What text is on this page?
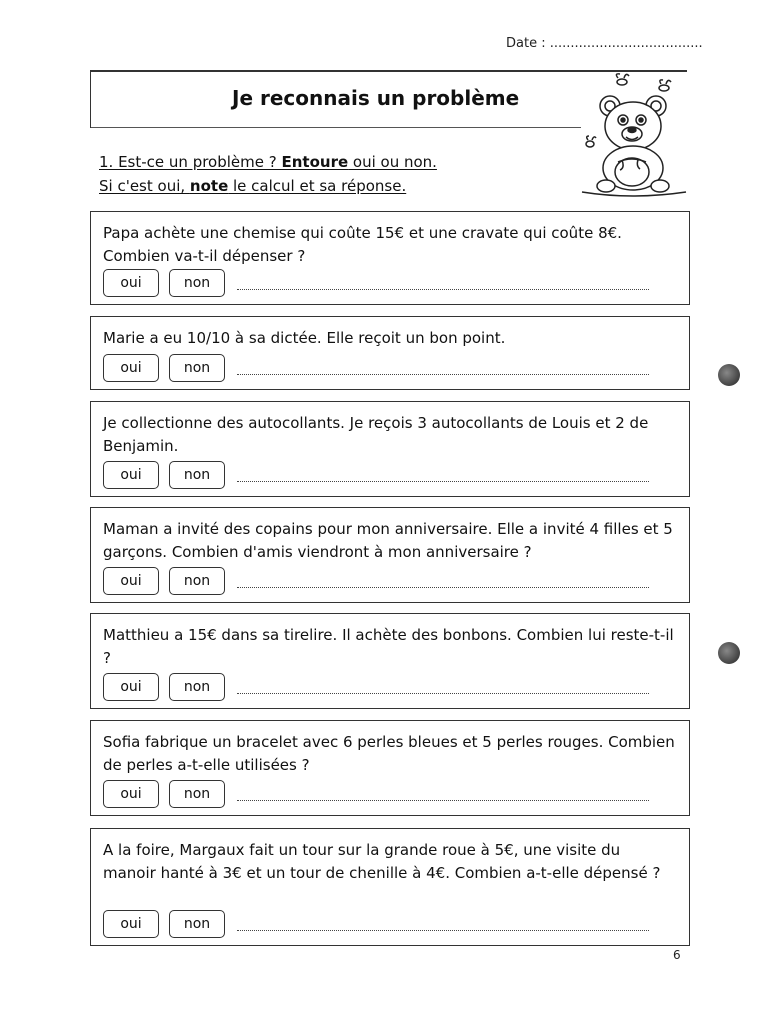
Date : .....................................
Je reconnais un problème
1. Est-ce un problème ? Entoure oui ou non.
Si c'est oui, note le calcul et sa réponse.
Papa achète une chemise qui coûte 15€ et une cravate qui coûte 8€. Combien va-t-il dépenser ?
oui	non
Marie a eu 10/10 à sa dictée. Elle reçoit un bon point.
oui	non
Je collectionne des autocollants. Je reçois 3 autocollants de Louis et 2 de Benjamin.
oui	non
Maman a invité des copains pour mon anniversaire. Elle a invité 4 filles et 5 garçons. Combien d'amis viendront à mon anniversaire ?
oui	non
Matthieu a 15€ dans sa tirelire. Il achète des bonbons. Combien lui reste-t-il ?
oui	non
Sofia fabrique un bracelet avec 6 perles bleues et 5 perles rouges. Combien de perles a-t-elle utilisées ?
oui	non
A la foire, Margaux fait un tour sur la grande roue à 5€, une visite du manoir hanté à 3€ et un tour de chenille à 4€. Combien a-t-elle dépensé ?
oui	non
6
